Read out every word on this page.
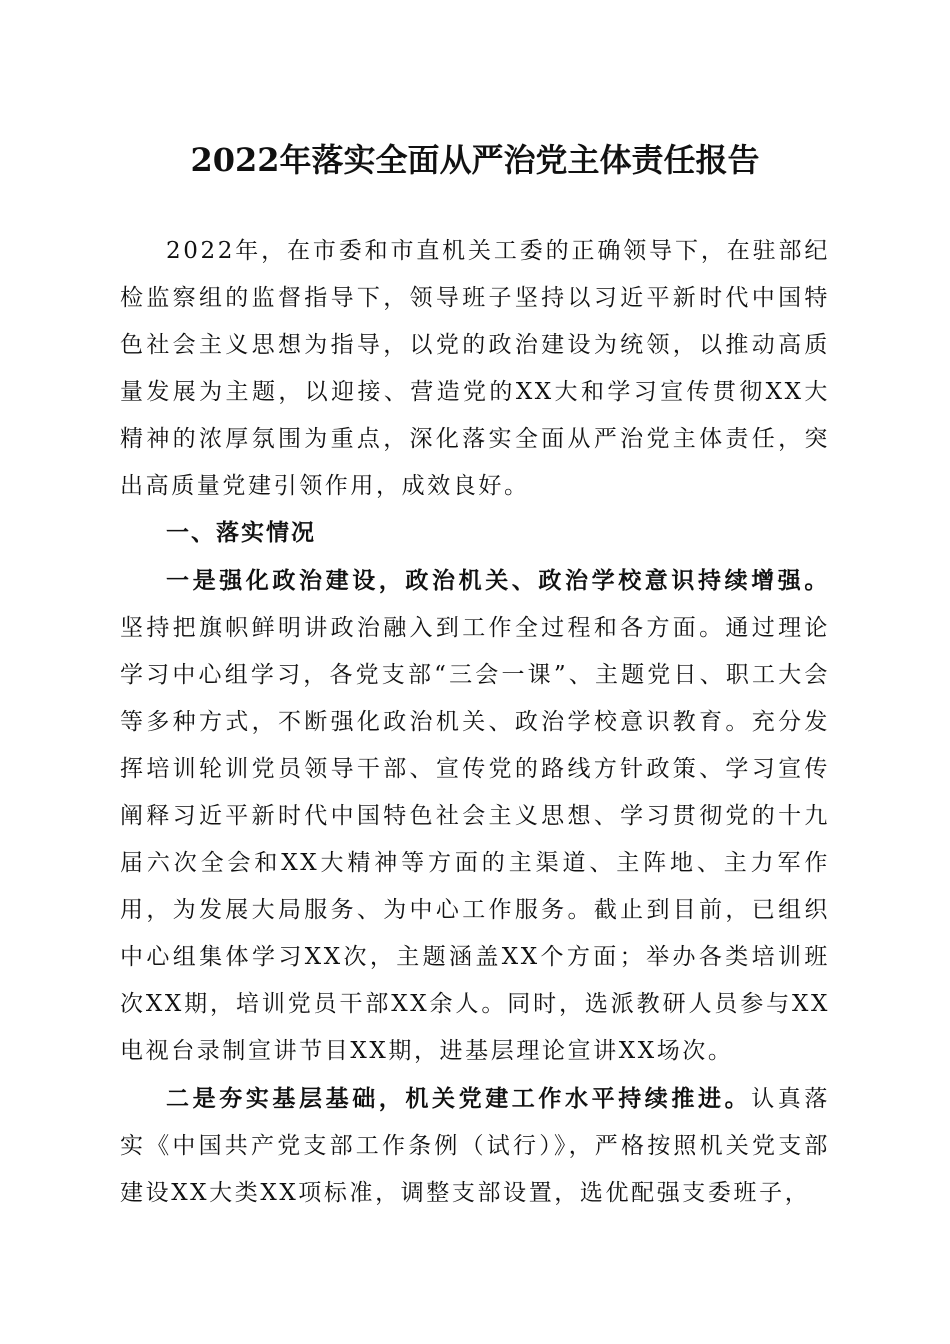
2022年落实全面从严治党主体责任报告

2022年，在市委和市直机关工委的正确领导下，在驻部纪检监察组的监督指导下，领导班子坚持以习近平新时代中国特色社会主义思想为指导，以党的政治建设为统领，以推动高质量发展为主题，以迎接、营造党的XX大和学习宣传贯彻XX大精神的浓厚氛围为重点，深化落实全面从严治党主体责任，突出高质量党建引领作用，成效良好。

一、落实情况

一是强化政治建设，政治机关、政治学校意识持续增强。坚持把旗帜鲜明讲政治融入到工作全过程和各方面。通过理论学习中心组学习，各党支部“三会一课”、主题党日、职工大会等多种方式，不断强化政治机关、政治学校意识教育。充分发挥培训轮训党员领导干部、宣传党的路线方针政策、学习宣传阐释习近平新时代中国特色社会主义思想、学习贯彻党的十九届六次全会和XX大精神等方面的主渠道、主阵地、主力军作用，为发展大局服务、为中心工作服务。截止到目前，已组织中心组集体学习XX次，主题涵盖XX个方面；举办各类培训班次XX期，培训党员干部XX余人。同时，选派教研人员参与XX电视台录制宣讲节目XX期，进基层理论宣讲XX场次。

二是夯实基层基础，机关党建工作水平持续推进。认真落实《中国共产党支部工作条例（试行）》，严格按照机关党支部建设XX大类XX项标准，调整支部设置，选优配强支委班子，
